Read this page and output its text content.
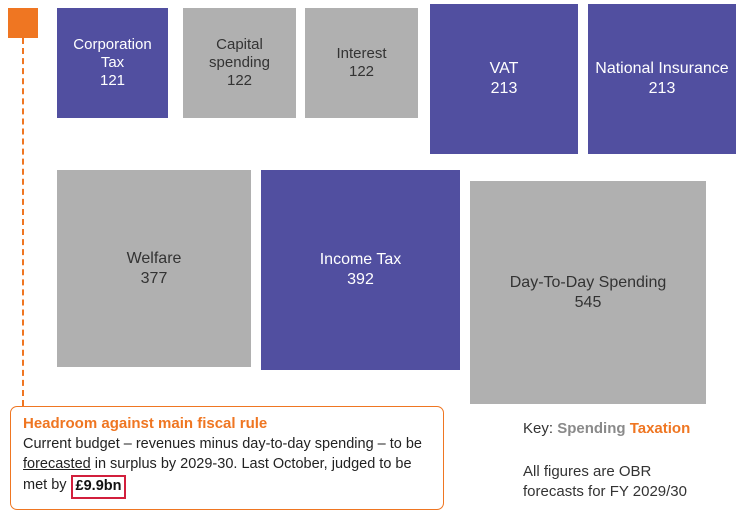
Corporation Tax
121
Capital spending
122
Interest
122	VAT
213
National Insurance
213
Welfare
377
Income Tax
392	Day-To-Day Spending
545
Headroom against main fiscal rule
Current budget – revenues minus day-to-day spending – to be forecasted in surplus by 2029-30. Last October, judged to be met by £9.9bn
Key: Spending Taxation
All figures are OBR
forecasts for FY 2029/30
